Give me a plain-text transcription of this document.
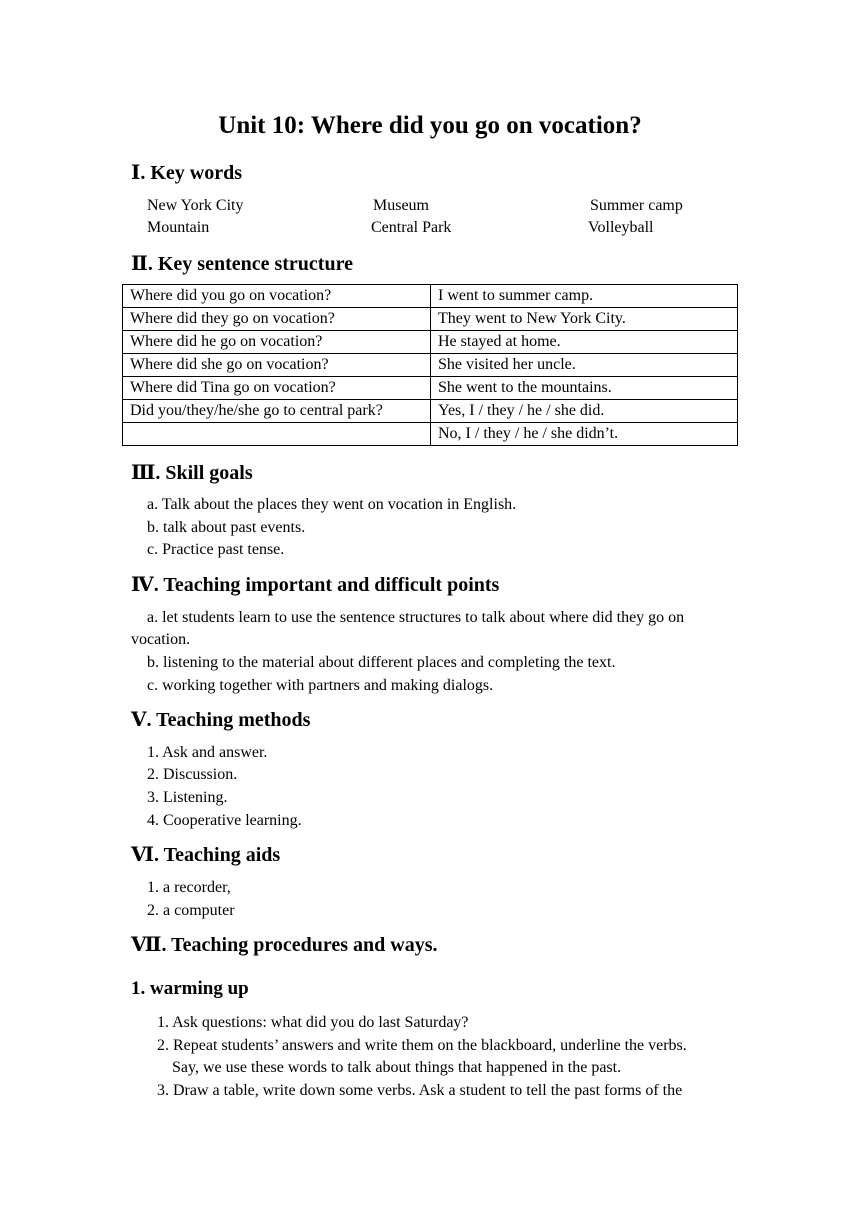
Unit 10: Where did you go on vocation?
Ⅰ. Key words
New York City	Museum	Summer camp
Mountain	Central Park	Volleyball
Ⅱ. Key sentence structure
Where did you go on vocation?	I went to summer camp.
Where did they go on vocation?	They went to New York City.
Where did he go on vocation?	He stayed at home.
Where did she go on vocation?	She visited her uncle.
Where did Tina go on vocation?	She went to the mountains.
Did you/they/he/she go to central park?	Yes, I / they / he / she did.
	No, I / they / he / she didn’t.
Ⅲ. Skill goals
a. Talk about the places they went on vocation in English.
b. talk about past events.
c. Practice past tense.
Ⅳ. Teaching important and difficult points
a. let students learn to use the sentence structures to talk about where did they go on
vocation.
b. listening to the material about different places and completing the text.
c. working together with partners and making dialogs.
Ⅴ. Teaching methods
1. Ask and answer.
2. Discussion.
3. Listening.
4. Cooperative learning.
Ⅵ. Teaching aids
1. a recorder,
2. a computer
Ⅶ. Teaching procedures and ways.
1. warming up
1. Ask questions: what did you do last Saturday?
2. Repeat students’ answers and write them on the blackboard, underline the verbs.
Say, we use these words to talk about things that happened in the past.
3. Draw a table, write down some verbs. Ask a student to tell the past forms of the
